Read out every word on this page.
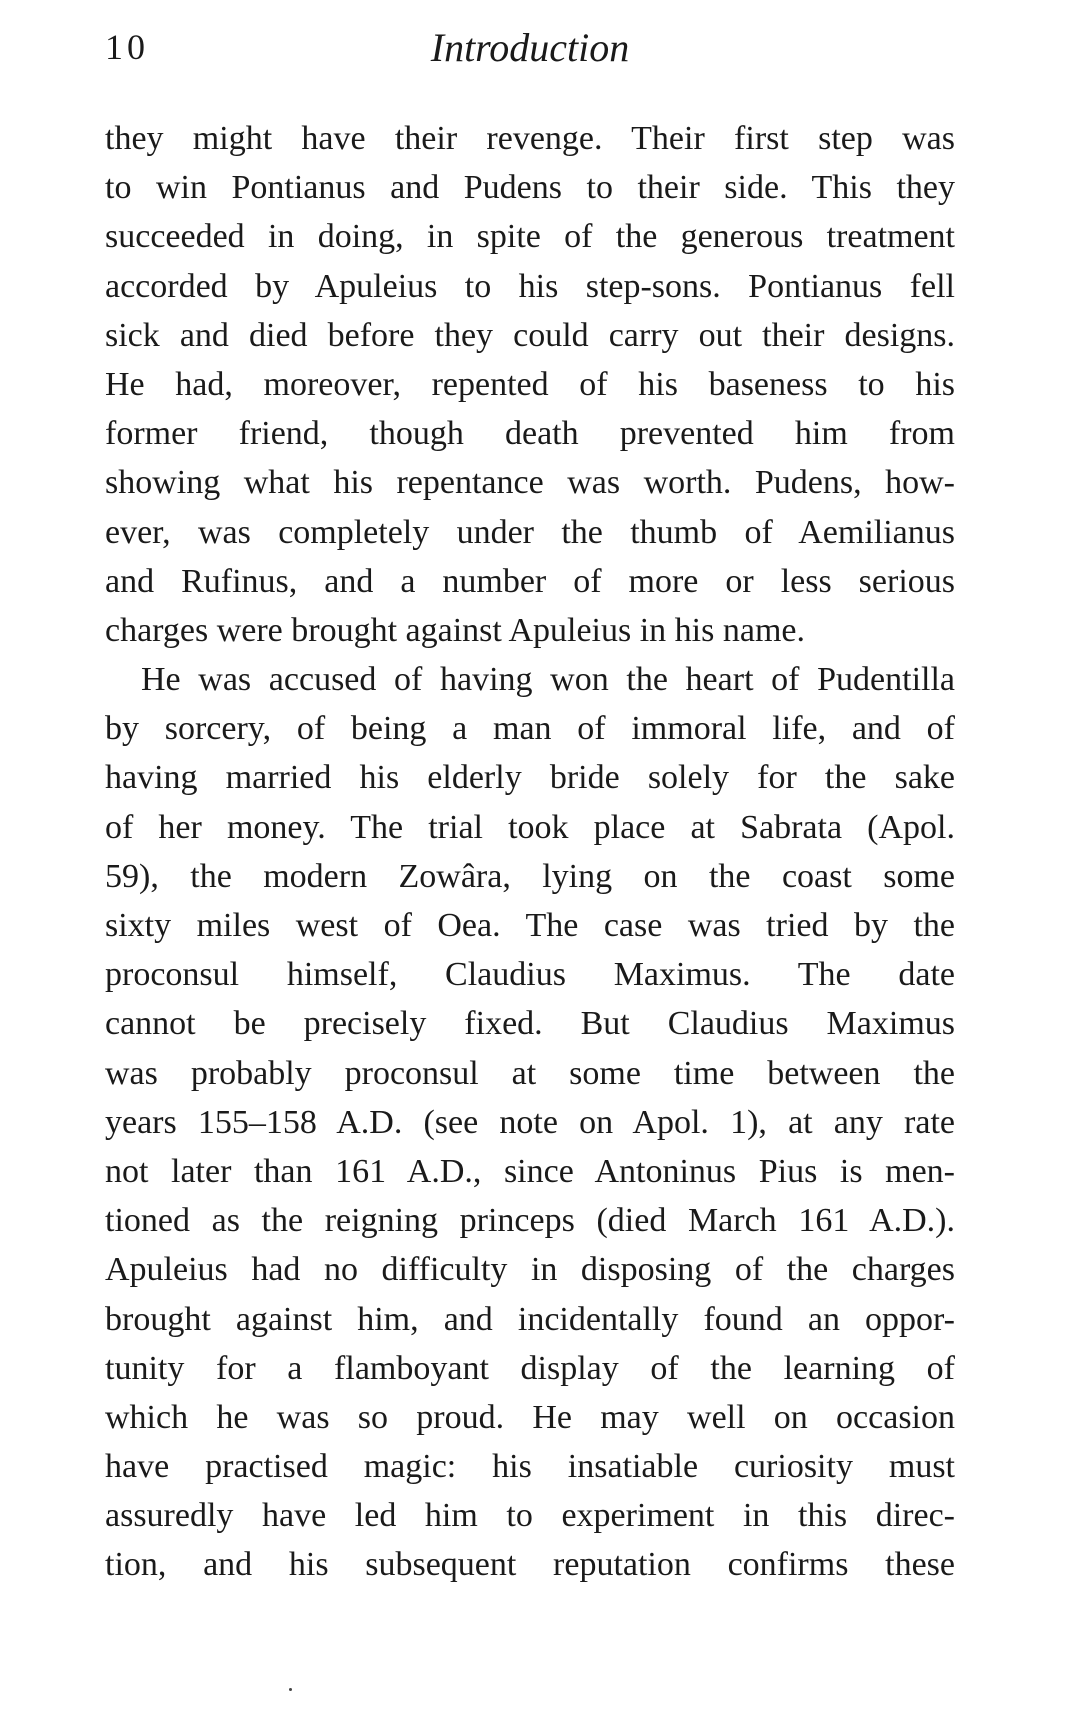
10	Introduction
they might have their revenge. Their first step was
to win Pontianus and Pudens to their side. This they
succeeded in doing, in spite of the generous treatment
accorded by Apuleius to his step-sons. Pontianus fell
sick and died before they could carry out their designs.
He had, moreover, repented of his baseness to his
former friend, though death prevented him from
showing what his repentance was worth. Pudens, how-
ever, was completely under the thumb of Aemilianus
and Rufinus, and a number of more or less serious
charges were brought against Apuleius in his name.
He was accused of having won the heart of Pudentilla
by sorcery, of being a man of immoral life, and of
having married his elderly bride solely for the sake
of her money. The trial took place at Sabrata (Apol.
59), the modern Zowâra, lying on the coast some
sixty miles west of Oea. The case was tried by the
proconsul himself, Claudius Maximus. The date
cannot be precisely fixed. But Claudius Maximus
was probably proconsul at some time between the
years 155–158 A.D. (see note on Apol. 1), at any rate
not later than 161 A.D., since Antoninus Pius is men-
tioned as the reigning princeps (died March 161 A.D.).
Apuleius had no difficulty in disposing of the charges
brought against him, and incidentally found an oppor-
tunity for a flamboyant display of the learning of
which he was so proud. He may well on occasion
have practised magic: his insatiable curiosity must
assuredly have led him to experiment in this direc-
tion, and his subsequent reputation confirms these
